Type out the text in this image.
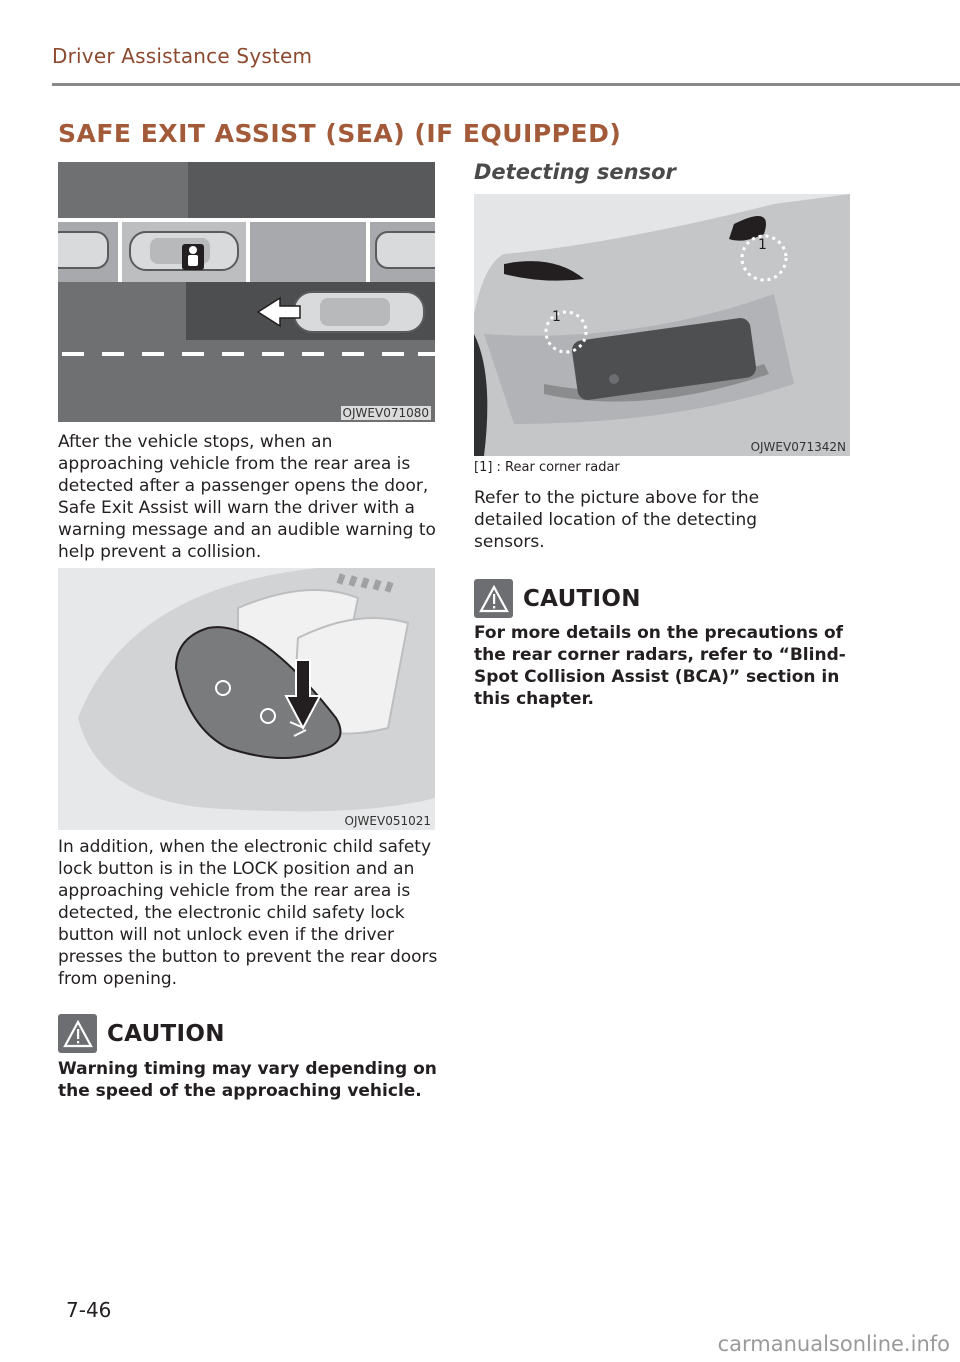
Driver Assistance System
SAFE EXIT ASSIST (SEA) (IF EQUIPPED)
OJWEV071080

After the vehicle stops, when an approaching vehicle from the rear area is detected after a passenger opens the door, Safe Exit Assist will warn the driver with a warning message and an audible warning to help prevent a collision.

OJWEV051021

In addition, when the electronic child safety lock button is in the LOCK position and an approaching vehicle from the rear area is detected, the electronic child safety lock button will not unlock even if the driver presses the button to prevent the rear doors from opening.

CAUTION

Warning timing may vary depending on the speed of the approaching vehicle.

Detecting sensor
1
1
OJWEV071342N
[1] : Rear corner radar

Refer to the picture above for the detailed location of the detecting sensors.

CAUTION

For more details on the precautions of the rear corner radars, refer to “Blind-Spot Collision Assist (BCA)” section in this chapter.

7-46
carmanualsonline.info
